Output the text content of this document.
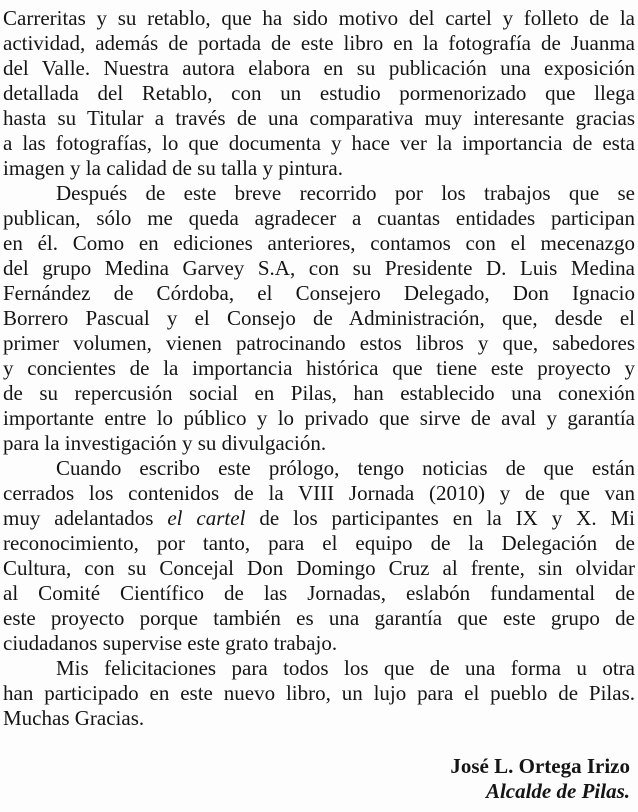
Carreritas y su retablo, que ha sido motivo del cartel y folleto de la
actividad, además de portada de este libro en la fotografía de Juanma
del Valle. Nuestra autora elabora en su publicación una exposición
detallada del Retablo, con un estudio pormenorizado que llega
hasta su Titular a través de una comparativa muy interesante gracias
a las fotografías, lo que documenta y hace ver la importancia de esta
imagen y la calidad de su talla y pintura.
Después de este breve recorrido por los trabajos que se
publican, sólo me queda agradecer a cuantas entidades participan
en él. Como en ediciones anteriores, contamos con el mecenazgo
del grupo Medina Garvey S.A, con su Presidente D. Luis Medina
Fernández de Córdoba, el Consejero Delegado, Don Ignacio
Borrero Pascual y el Consejo de Administración, que, desde el
primer volumen, vienen patrocinando estos libros y que, sabedores
y concientes de la importancia histórica que tiene este proyecto y
de su repercusión social en Pilas, han establecido una conexión
importante entre lo público y lo privado que sirve de aval y garantía
para la investigación y su divulgación.
Cuando escribo este prólogo, tengo noticias de que están
cerrados los contenidos de la VIII Jornada (2010) y de que van
muy adelantados el cartel de los participantes en la IX y X. Mi
reconocimiento, por tanto, para el equipo de la Delegación de
Cultura, con su Concejal Don Domingo Cruz al frente, sin olvidar
al Comité Científico de las Jornadas, eslabón fundamental de
este proyecto porque también es una garantía que este grupo de
ciudadanos supervise este grato trabajo.
Mis felicitaciones para todos los que de una forma u otra
han participado en este nuevo libro, un lujo para el pueblo de Pilas.
Muchas Gracias.
José L. Ortega Irizo
Alcalde de Pilas.
